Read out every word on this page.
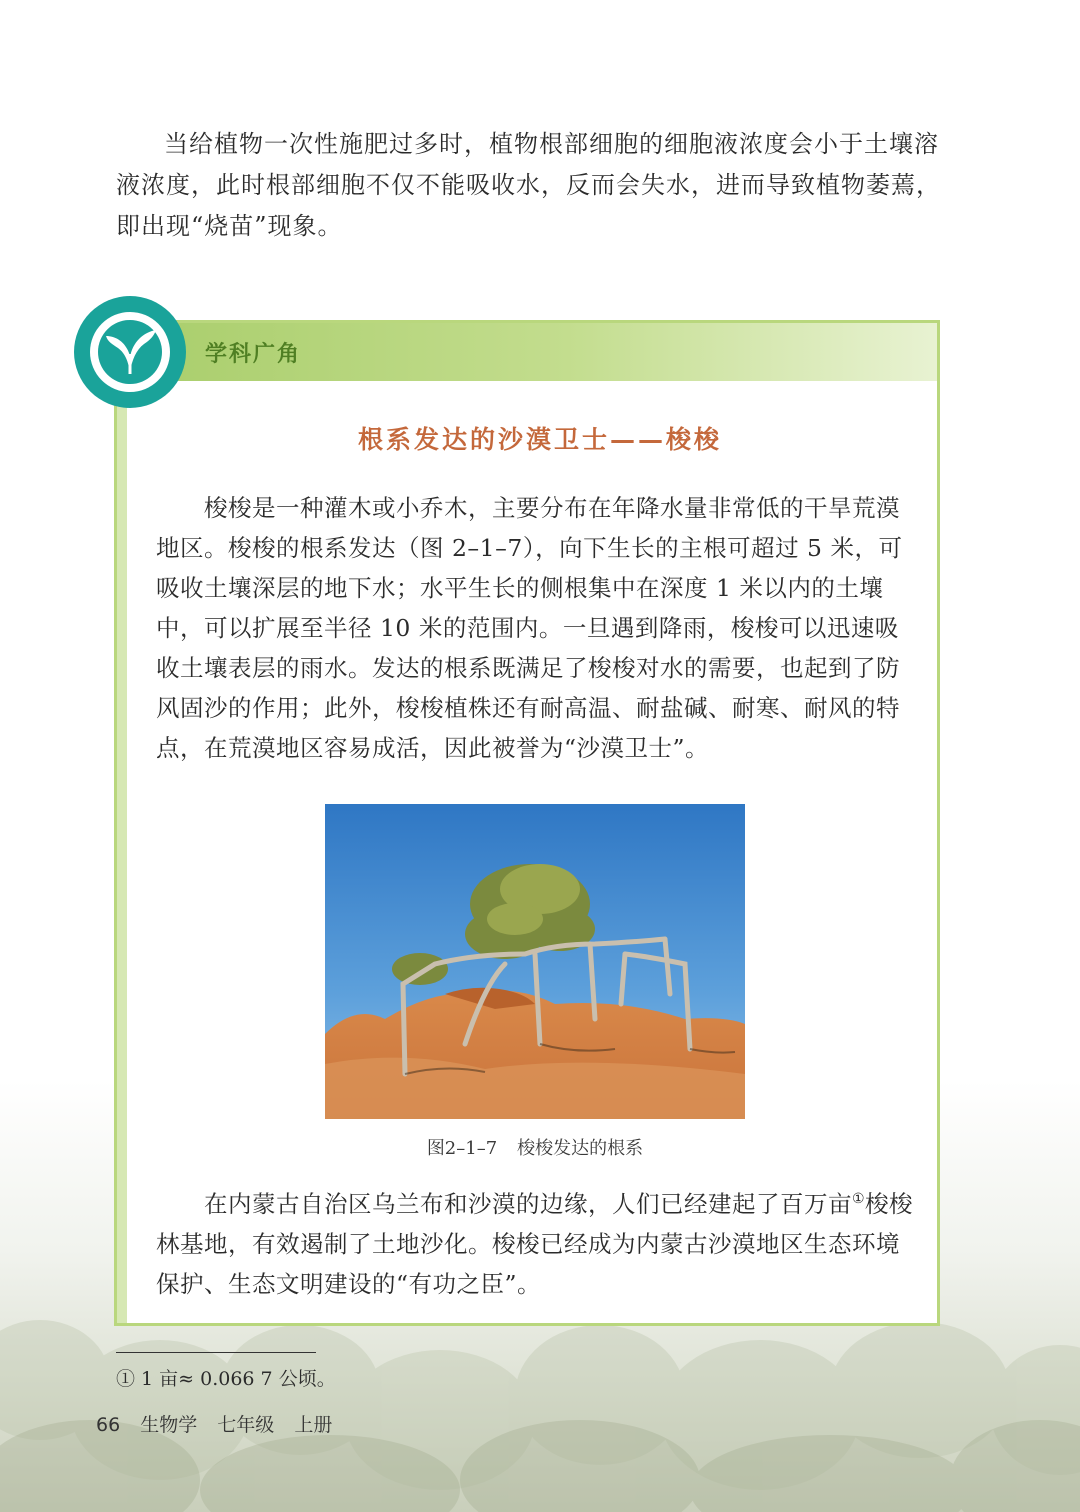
当给植物一次性施肥过多时，植物根部细胞的细胞液浓度会小于土壤溶液浓度，此时根部细胞不仅不能吸收水，反而会失水，进而导致植物萎蔫，即出现“烧苗”现象。

学科广角
根系发达的沙漠卫士——梭梭

梭梭是一种灌木或小乔木，主要分布在年降水量非常低的干旱荒漠地区。梭梭的根系发达（图 2–1–7），向下生长的主根可超过 5 米，可吸收土壤深层的地下水；水平生长的侧根集中在深度 1 米以内的土壤中，可以扩展至半径 10 米的范围内。一旦遇到降雨，梭梭可以迅速吸收土壤表层的雨水。发达的根系既满足了梭梭对水的需要，也起到了防风固沙的作用；此外，梭梭植株还有耐高温、耐盐碱、耐寒、耐风的特点，在荒漠地区容易成活，因此被誉为“沙漠卫士”。

图2–1–7 梭梭发达的根系

在内蒙古自治区乌兰布和沙漠的边缘，人们已经建起了百万亩①梭梭林基地，有效遏制了土地沙化。梭梭已经成为内蒙古沙漠地区生态环境保护、生态文明建设的“有功之臣”。

① 1 亩≈ 0.066 7 公顷。

66 生物学 七年级 上册
